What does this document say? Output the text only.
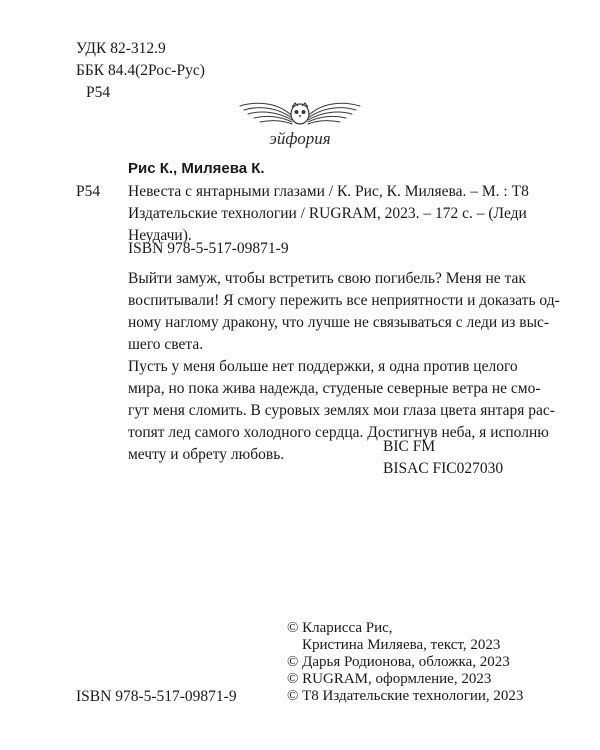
УДК 82-312.9
ББК 84.4(2Рос-Рус)
Р54
эйфория
Рис К., Миляева К.
Р54 Невеста с янтарными глазами / К. Рис, К. Миляева. – М. : Т8
Издательские технологии / RUGRAM, 2023. – 172 с. – (Леди
Неудачи).
ISBN 978-5-517-09871-9

Выйти замуж, чтобы встретить свою погибель? Меня не так
воспитывали! Я смогу пережить все неприятности и доказать од-
ному наглому дракону, что лучше не связываться с леди из выс-
шего света.

Пусть у меня больше нет поддержки, я одна против целого
мира, но пока жива надежда, студеные северные ветра не смо-
гут меня сломить. В суровых землях мои глаза цвета янтаря рас-
топят лед самого холодного сердца. Достигнув неба, я исполню
мечту и обрету любовь.	BIC FM
BISAC FIC027030
© Кларисса Рис,
Кристина Миляева, текст, 2023
© Дарья Родионова, обложка, 2023
© RUGRAM, оформление, 2023
© Т8 Издательские технологии, 2023
ISBN 978-5-517-09871-9
